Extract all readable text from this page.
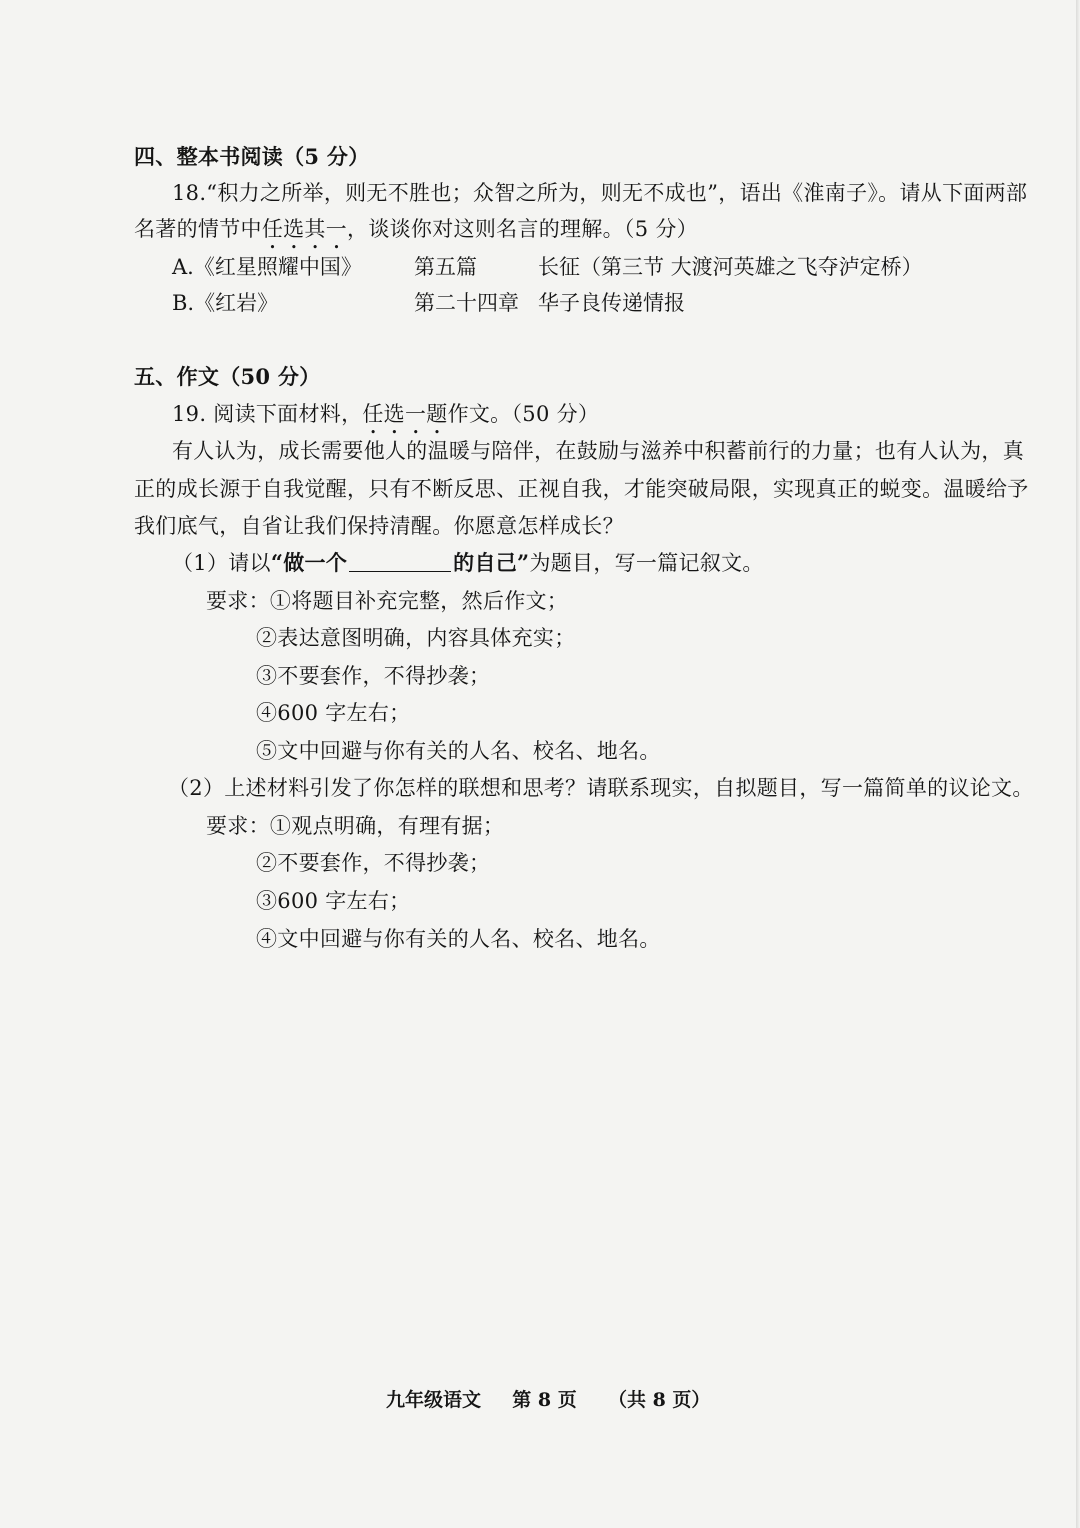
四、整本书阅读（5 分）
18.“积力之所举，则无不胜也；众智之所为，则无不成也”，语出《淮南子》。请从下面两部
名著的情节中任选其一，谈谈你对这则名言的理解。（5 分）
A.《红星照耀中国》 第五篇	长征（第三节 大渡河英雄之飞夺泸定桥）
B.《红岩》	第二十四章 华子良传递情报
五、作文（50 分）
19. 阅读下面材料，任选一题作文。（50 分）
有人认为，成长需要他人的温暖与陪伴，在鼓励与滋养中积蓄前行的力量；也有人认为，真
正的成长源于自我觉醒，只有不断反思、正视自我，才能突破局限，实现真正的蜕变。温暖给予
我们底气，自省让我们保持清醒。你愿意怎样成长？
（1）请以“做一个	的自己”为题目，写一篇记叙文。
要求：①将题目补充完整，然后作文；
②表达意图明确，内容具体充实；
③不要套作，不得抄袭；
④600 字左右；
⑤文中回避与你有关的人名、校名、地名。
（2）上述材料引发了你怎样的联想和思考？请联系现实，自拟题目，写一篇简单的议论文。
要求：①观点明确，有理有据；
②不要套作，不得抄袭；
③600 字左右；
④文中回避与你有关的人名、校名、地名。
九年级语文 第 8 页 （共 8 页）
